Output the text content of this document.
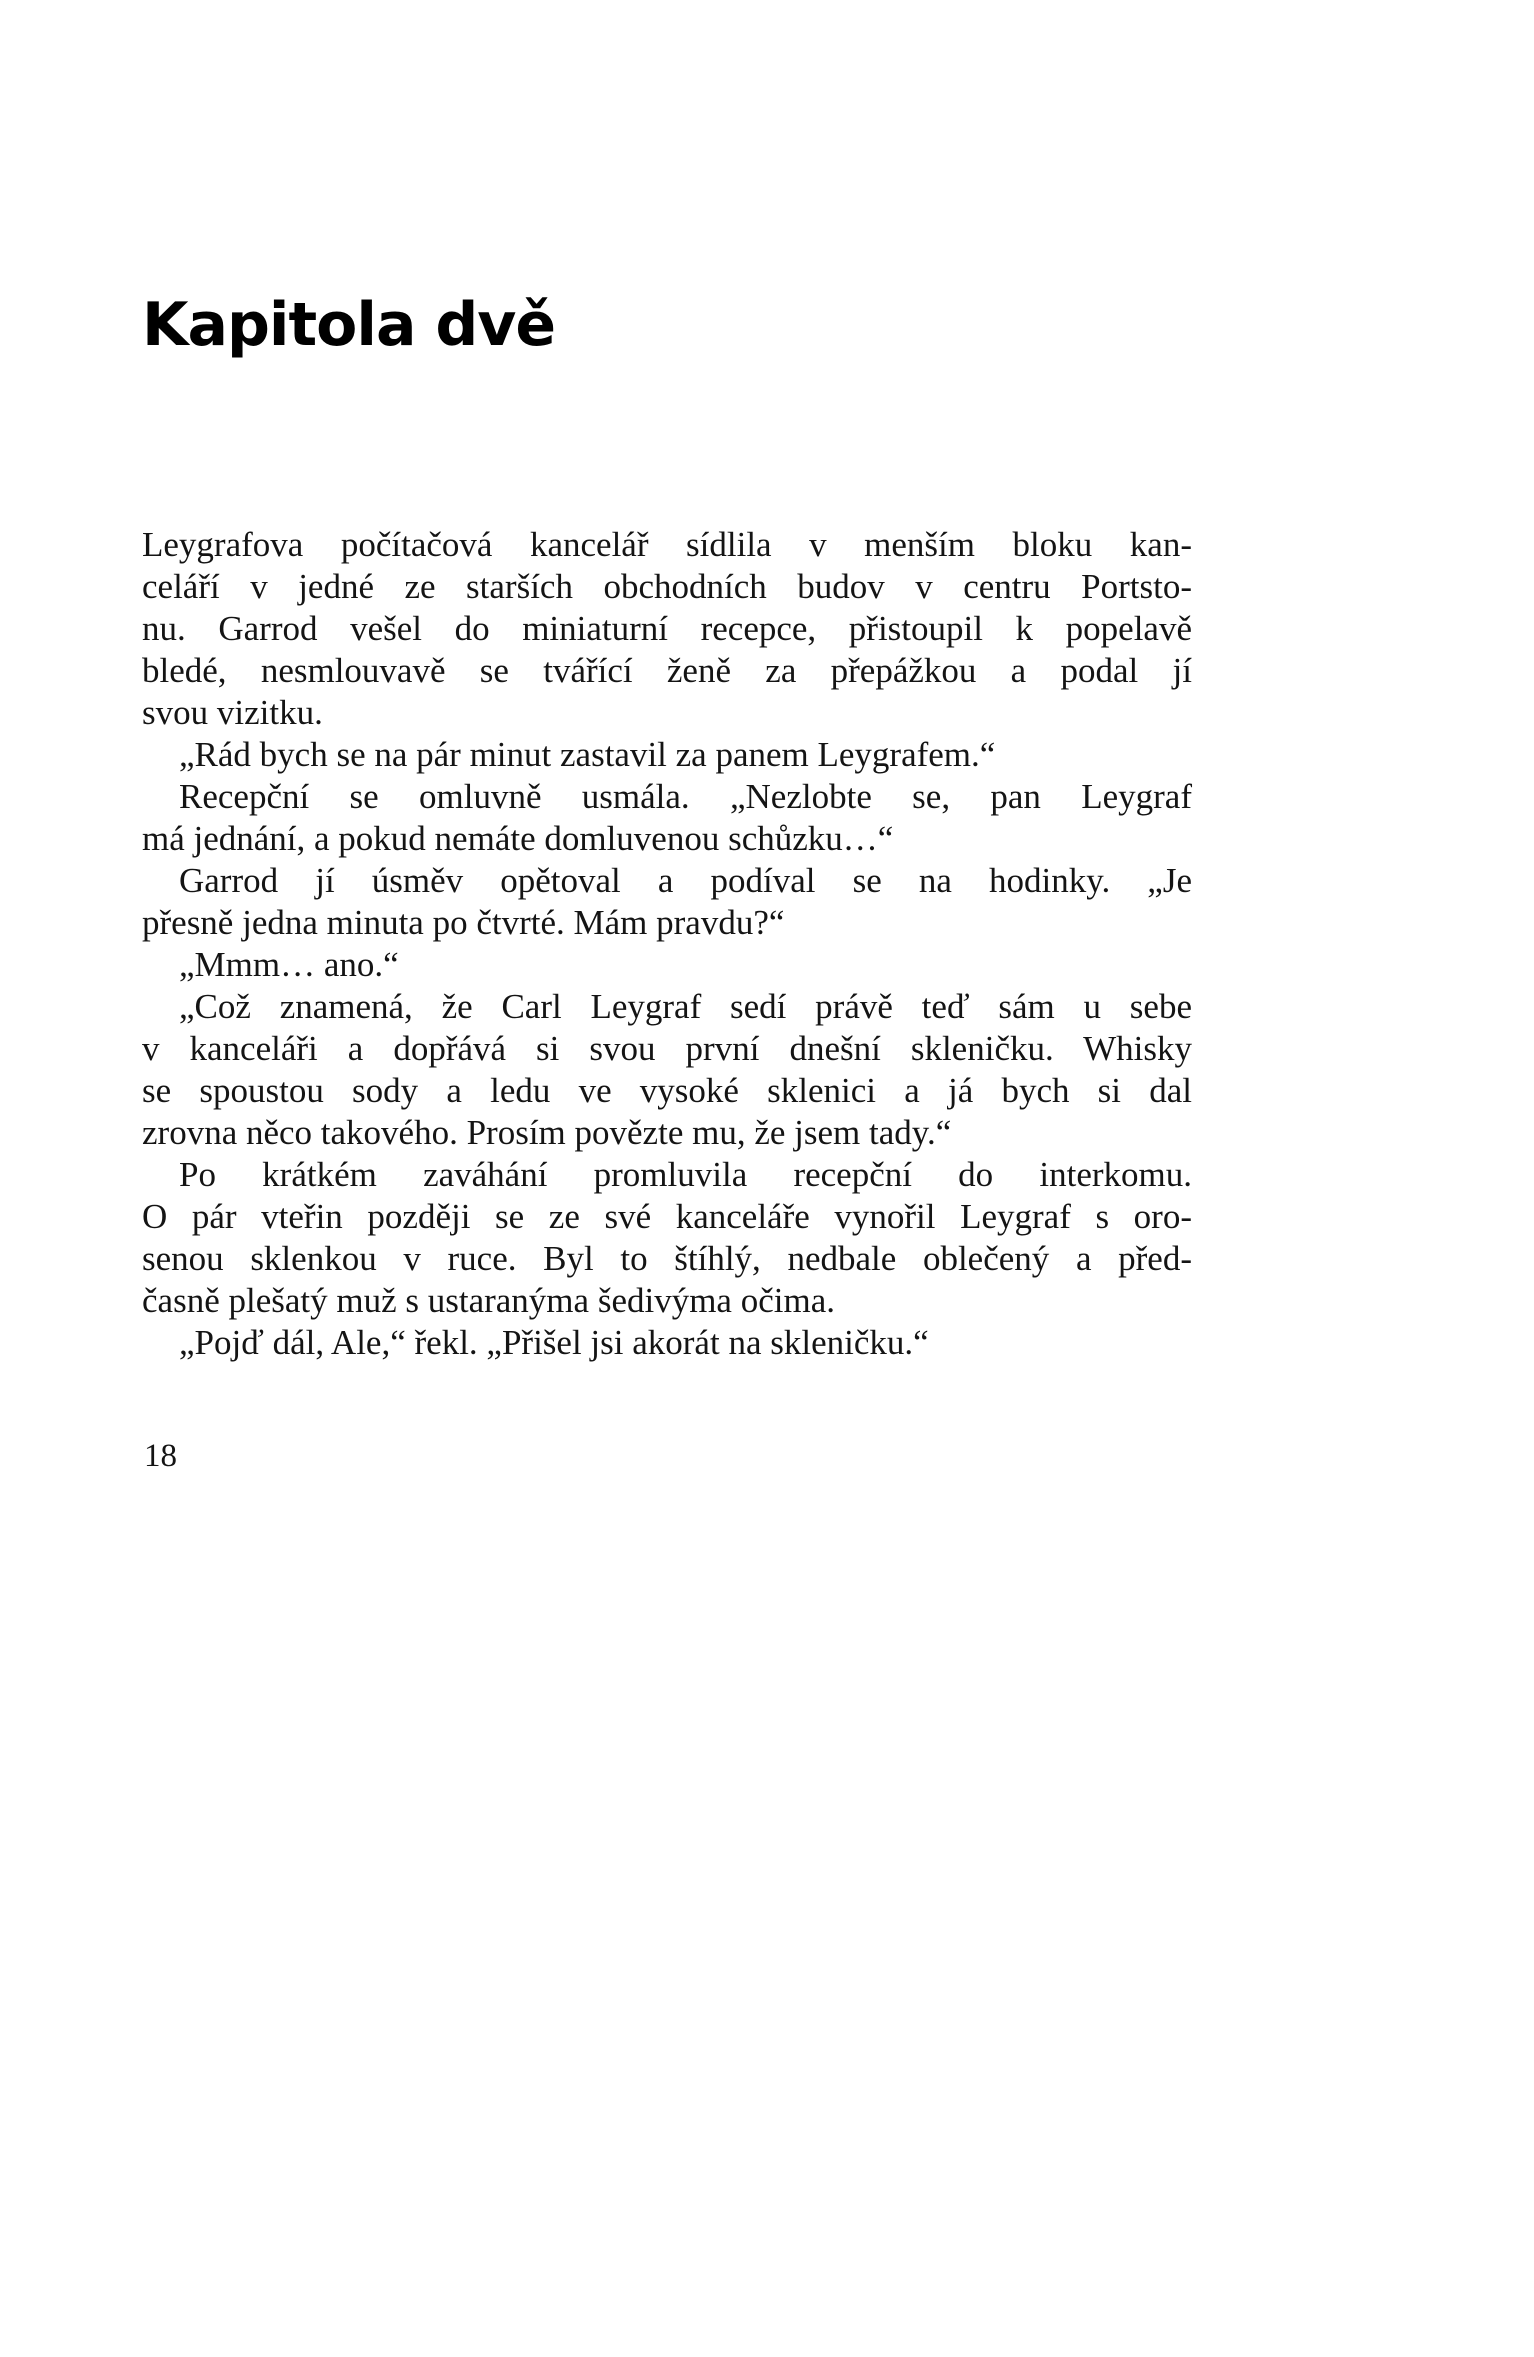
Kapitola dvě
Leygrafova počítačová kancelář sídlila v menším bloku kan-
celáří v jedné ze starších obchodních budov v centru Portsto-
nu. Garrod vešel do miniaturní recepce, přistoupil k popelavě
bledé, nesmlouvavě se tvářící ženě za přepážkou a podal jí
svou vizitku.
„Rád bych se na pár minut zastavil za panem Leygrafem.“
Recepční se omluvně usmála. „Nezlobte se, pan Leygraf
má jednání, a pokud nemáte domluvenou schůzku…“
Garrod jí úsměv opětoval a podíval se na hodinky. „Je
přesně jedna minuta po čtvrté. Mám pravdu?“
„Mmm… ano.“
„Což znamená, že Carl Leygraf sedí právě teď sám u sebe
v kanceláři a dopřává si svou první dnešní skleničku. Whisky
se spoustou sody a ledu ve vysoké sklenici a já bych si dal
zrovna něco takového. Prosím povězte mu, že jsem tady.“
Po krátkém zaváhání promluvila recepční do interkomu.
O pár vteřin později se ze své kanceláře vynořil Leygraf s oro-
senou sklenkou v ruce. Byl to štíhlý, nedbale oblečený a před-
časně plešatý muž s ustaranýma šedivýma očima.
„Pojď dál, Ale,“ řekl. „Přišel jsi akorát na skleničku.“
18
